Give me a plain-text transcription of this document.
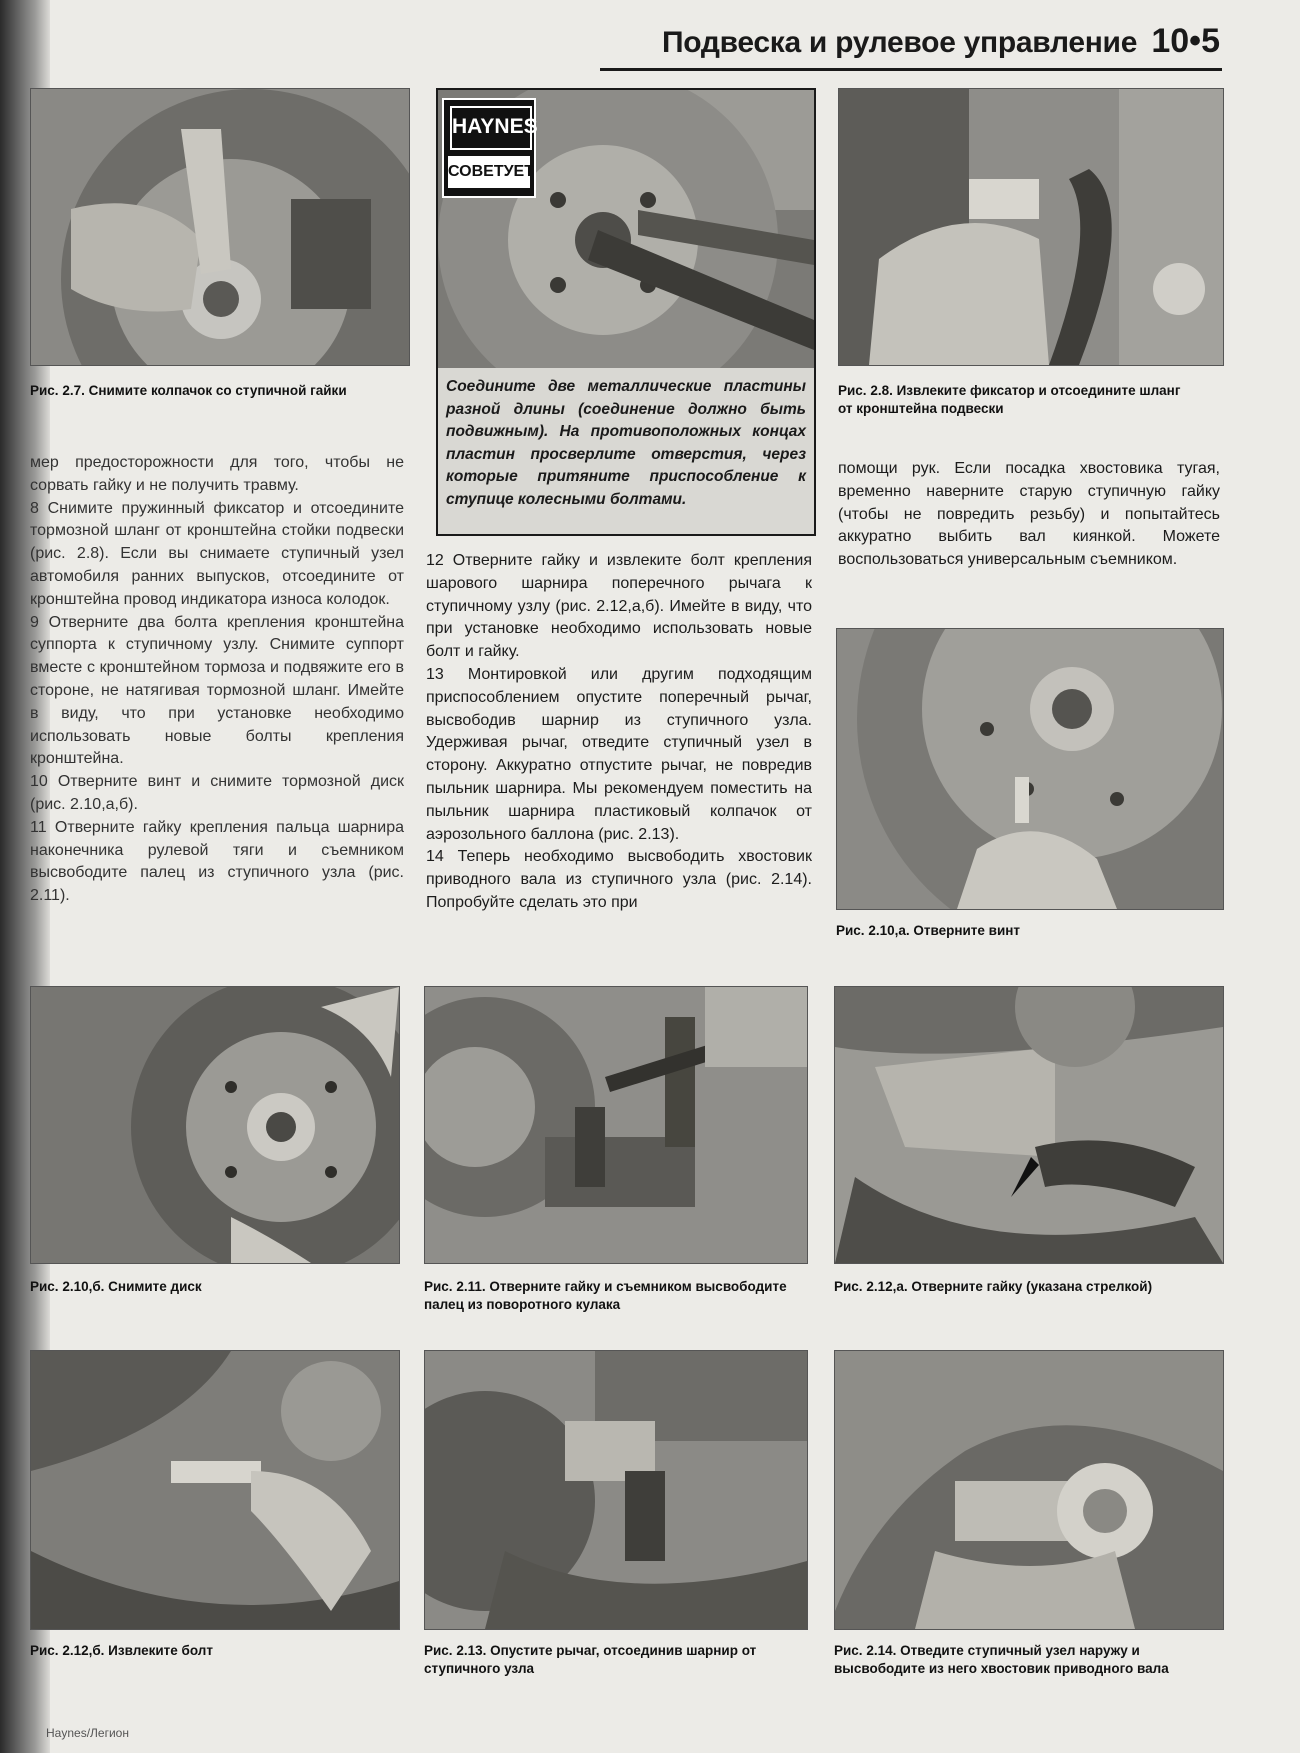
Подвеска и рулевое управление 10•5
HAYNES
СОВЕТУЕТ
Соедините две металлические пластины разной длины (соединение должно быть подвижным). На противоположных концах пластин просверлите отверстия, через которые притяните приспособление к ступице колесными болтами.
Рис. 2.7. Снимите колпачок со ступичной гайки	Рис. 2.8. Извлеките фиксатор и отсоедините шланг от кронштейна подвески

мер предосторожности для того, чтобы не сорвать гайку и не получить травму.

8 Снимите пружинный фиксатор и отсоедините тормозной шланг от кронштейна стойки подвески (рис. 2.8). Если вы снимаете ступичный узел автомобиля ранних выпусков, отсоедините от кронштейна провод индикатора износа колодок.

9 Отверните два болта крепления кронштейна суппорта к ступичному узлу. Снимите суппорт вместе с кронштейном тормоза и подвяжите его в стороне, не натягивая тормозной шланг. Имейте в виду, что при установке необходимо использовать новые болты крепления кронштейна.

10 Отверните винт и снимите тормозной диск (рис. 2.10,а,б).

11 Отверните гайку крепления пальца шарнира наконечника рулевой тяги и съемником высвободите палец из ступичного узла (рис. 2.11).

12 Отверните гайку и извлеките болт крепления шарового шарнира поперечного рычага к ступичному узлу (рис. 2.12,а,б). Имейте в виду, что при установке необходимо использовать новые болт и гайку.

13 Монтировкой или другим подходящим приспособлением опустите поперечный рычаг, высвободив шарнир из ступичного узла. Удерживая рычаг, отведите ступичный узел в сторону. Аккуратно отпустите рычаг, не повредив пыльник шарнира. Мы рекомендуем поместить на пыльник шарнира пластиковый колпачок от аэрозольного баллона (рис. 2.13).

14 Теперь необходимо высвободить хвостовик приводного вала из ступичного узла (рис. 2.14). Попробуйте сделать это при

помощи рук. Если посадка хвостовика тугая, временно наверните старую ступичную гайку (чтобы не повредить резьбу) и попытайтесь аккуратно выбить вал киянкой. Можете воспользоваться универсальным съемником.

Рис. 2.10,а. Отверните винт
Рис. 2.10,б. Снимите диск	Рис. 2.11. Отверните гайку и съемником высвободите палец из поворотного кулака
Рис. 2.12,а. Отверните гайку (указана стрелкой)
Рис. 2.12,б. Извлеките болт	Рис. 2.13. Опустите рычаг, отсоединив шарнир от ступичного узла
Рис. 2.14. Отведите ступичный узел наружу и высвободите из него хвостовик приводного вала
Haynes/Легион
